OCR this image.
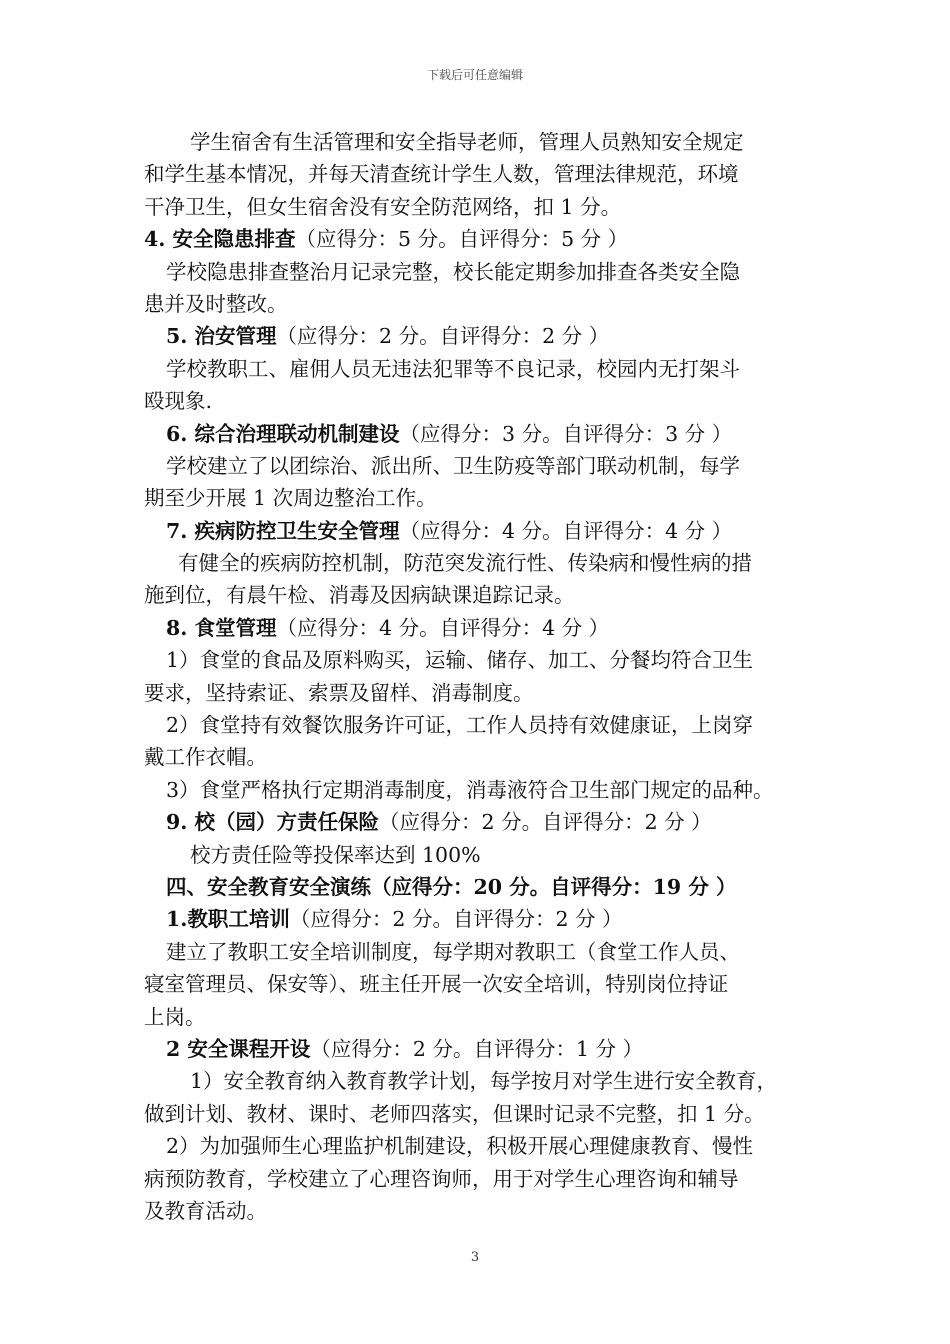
下载后可任意编辑
学生宿舍有生活管理和安全指导老师，管理人员熟知安全规定
和学生基本情况，并每天清查统计学生人数，管理法律规范，环境
干净卫生，但女生宿舍没有安全防范网络，扣 1 分。
4. 安全隐患排查（应得分：5 分。自评得分：5 分 ）
学校隐患排查整治月记录完整，校长能定期参加排查各类安全隐
患并及时整改。
5. 治安管理（应得分：2 分。自评得分：2 分 ）
学校教职工、雇佣人员无违法犯罪等不良记录，校园内无打架斗
殴现象.
6. 综合治理联动机制建设（应得分：3 分。自评得分：3 分 ）
学校建立了以团综治、派出所、卫生防疫等部门联动机制，每学
期至少开展 1 次周边整治工作。
7. 疾病防控卫生安全管理（应得分：4 分。自评得分：4 分 ）
有健全的疾病防控机制，防范突发流行性、传染病和慢性病的措
施到位，有晨午检、消毒及因病缺课追踪记录。
8. 食堂管理（应得分：4 分。自评得分：4 分 ）
1）食堂的食品及原料购买，运输、储存、加工、分餐均符合卫生
要求，坚持索证、索票及留样、消毒制度。
2）食堂持有效餐饮服务许可证，工作人员持有效健康证，上岗穿
戴工作衣帽。
3）食堂严格执行定期消毒制度，消毒液符合卫生部门规定的品种。
9. 校（园）方责任保险（应得分：2 分。自评得分：2 分 ）
校方责任险等投保率达到 100%
四、安全教育安全演练（应得分：20 分。自评得分：19 分 ）
1.教职工培训（应得分：2 分。自评得分：2 分 ）
建立了教职工安全培训制度，每学期对教职工（食堂工作人员、
寝室管理员、保安等）、班主任开展一次安全培训，特别岗位持证
上岗。
2 安全课程开设（应得分：2 分。自评得分：1 分 ）
1）安全教育纳入教育教学计划，每学按月对学生进行安全教育，
做到计划、教材、课时、老师四落实，但课时记录不完整，扣 1 分。
2）为加强师生心理监护机制建设，积极开展心理健康教育、慢性
病预防教育，学校建立了心理咨询师，用于对学生心理咨询和辅导
及教育活动。
3
